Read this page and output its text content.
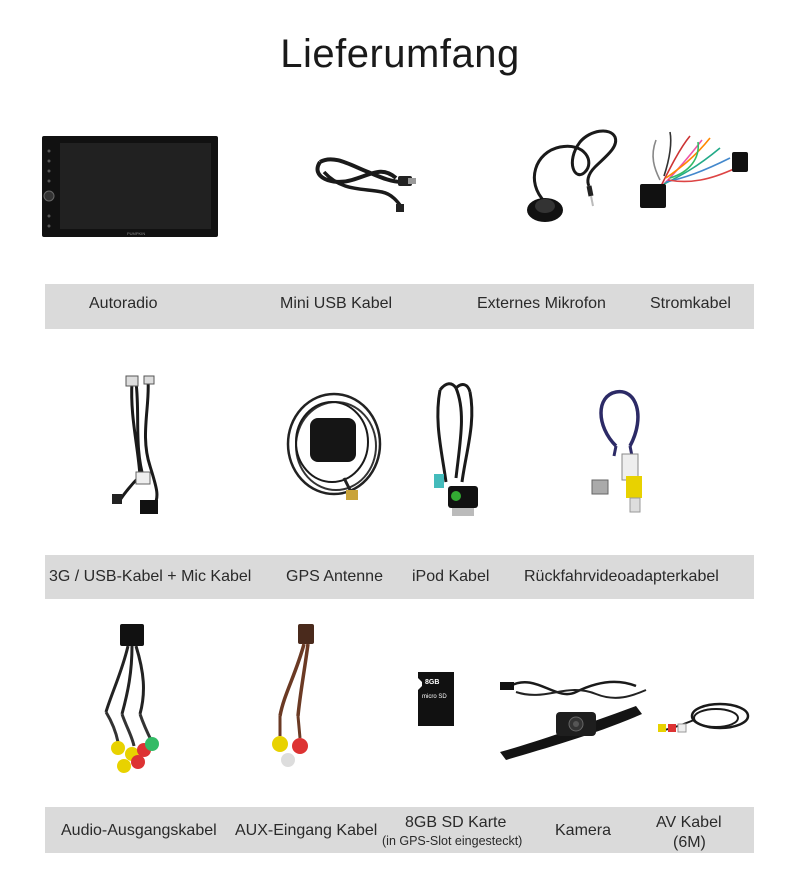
Lieferumfang
PUMPKIN
Autoradio	Mini USB Kabel	Externes Mikrofon	Stromkabel
3G / USB-Kabel + Mic Kabel GPS Antenne iPod Kabel Rückfahrvideoadapterkabel
8GB
micro SD
Audio-Ausgangskabel AUX-Eingang Kabel 8GB SD Karte
(in GPS-Slot eingesteckt)
Kamera	AV Kabel
(6M)
